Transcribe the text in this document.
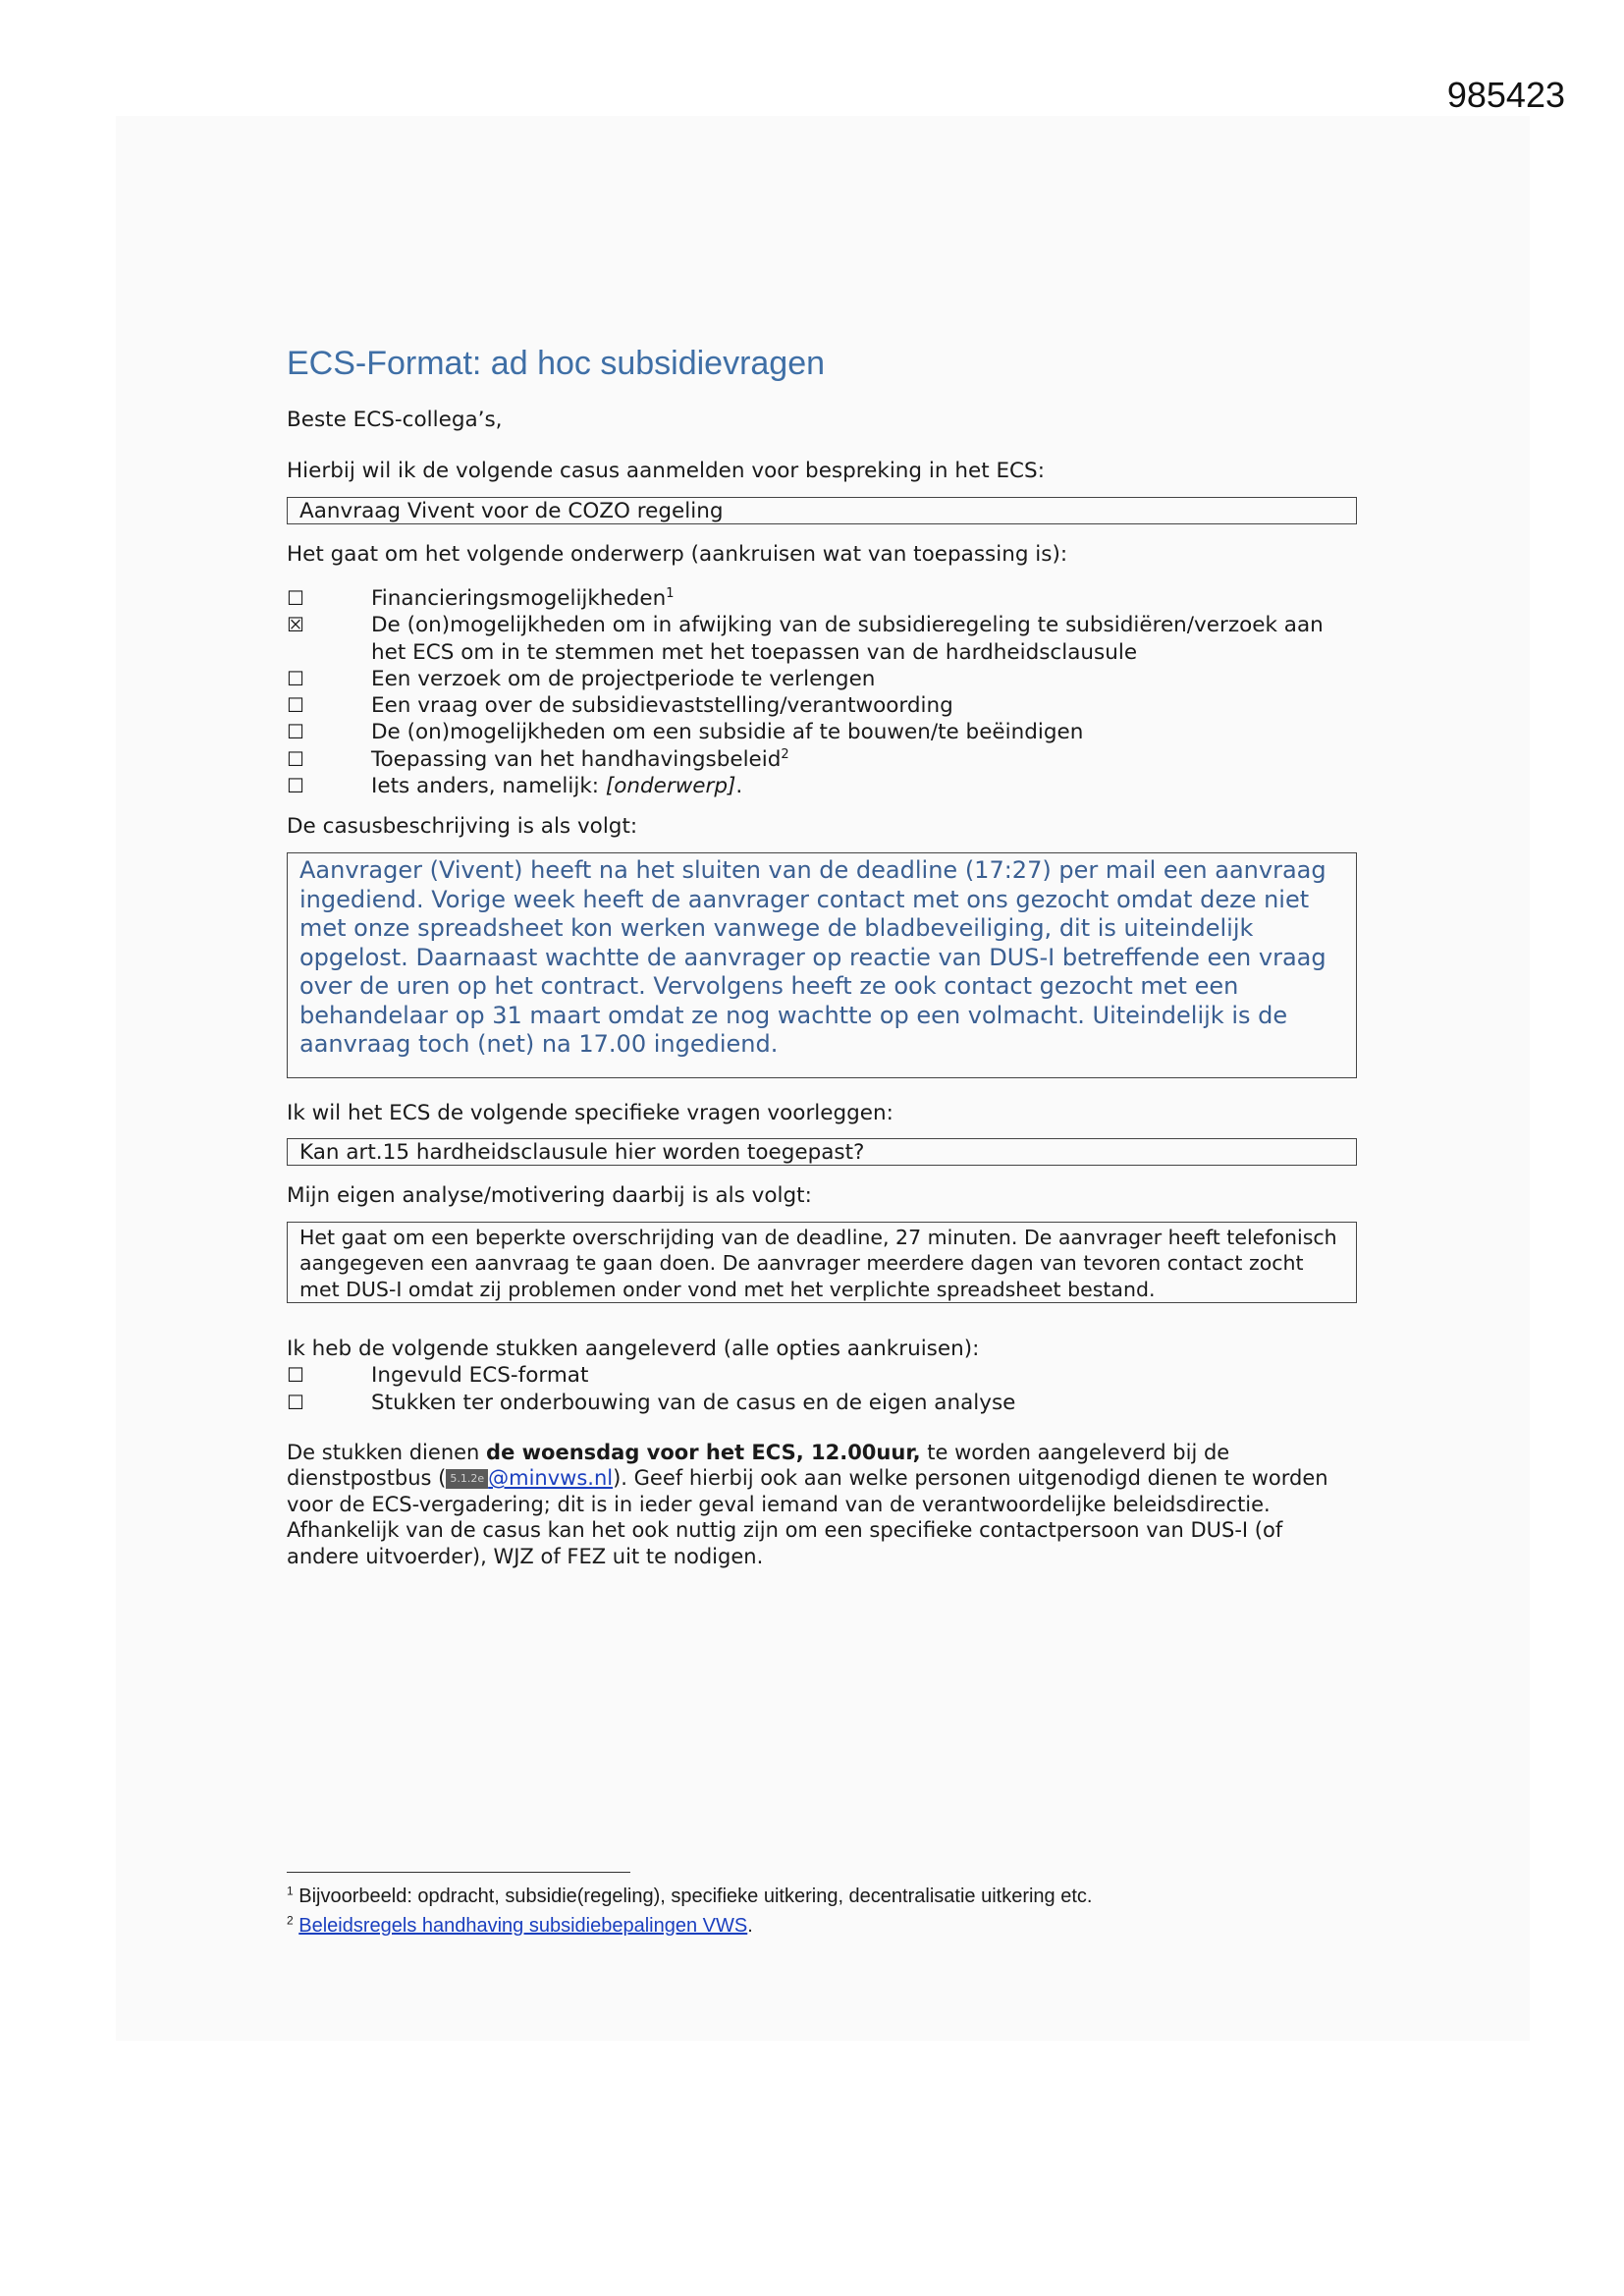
985423
ECS-Format: ad hoc subsidievragen

Beste ECS-collega’s,

Hierbij wil ik de volgende casus aanmelden voor bespreking in het ECS:

Aanvraag Vivent voor de COZO regeling

Het gaat om het volgende onderwerp (aankruisen wat van toepassing is):

☐	Financieringsmogelijkheden$^1$
☒	De (on)mogelijkheden om in afwijking van de subsidieregeling te subsidiëren/verzoek aan het ECS om in te stemmen met het toepassen van de hardheidsclausule
☐	Een verzoek om de projectperiode te verlengen
☐	Een vraag over de subsidievaststelling/verantwoording
☐	De (on)mogelijkheden om een subsidie af te bouwen/te beëindigen
☐	Toepassing van het handhavingsbeleid$^2$
☐	Iets anders, namelijk: [onderwerp].

De casusbeschrijving is als volgt:

Aanvrager (Vivent) heeft na het sluiten van de deadline (17:27) per mail een aanvraag ingediend. Vorige week heeft de aanvrager contact met ons gezocht omdat deze niet met onze spreadsheet kon werken vanwege de bladbeveiliging, dit is uiteindelijk opgelost. Daarnaast wachtte de aanvrager op reactie van DUS-I betreffende een vraag over de uren op het contract. Vervolgens heeft ze ook contact gezocht met een behandelaar op 31 maart omdat ze nog wachtte op een volmacht. Uiteindelijk is de aanvraag toch (net) na 17.00 ingediend.

Ik wil het ECS de volgende specifieke vragen voorleggen:

Kan art.15 hardheidsclausule hier worden toegepast?

Mijn eigen analyse/motivering daarbij is als volgt:

Het gaat om een beperkte overschrijding van de deadline, 27 minuten. De aanvrager heeft telefonisch aangegeven een aanvraag te gaan doen. De aanvrager meerdere dagen van tevoren contact zocht met DUS-I omdat zij problemen onder vond met het verplichte spreadsheet bestand.

Ik heb de volgende stukken aangeleverd (alle opties aankruisen):

☐	Ingevuld ECS-format
☐	Stukken ter onderbouwing van de casus en de eigen analyse

De stukken dienen de woensdag voor het ECS, 12.00uur, te worden aangeleverd bij de dienstpostbus ( 5.1.2e @minvws.nl). Geef hierbij ook aan welke personen uitgenodigd dienen te worden voor de ECS-vergadering; dit is in ieder geval iemand van de verantwoordelijke beleidsdirectie. Afhankelijk van de casus kan het ook nuttig zijn om een specifieke contactpersoon van DUS-I (of andere uitvoerder), WJZ of FEZ uit te nodigen.

$^1$ Bijvoorbeeld: opdracht, subsidie(regeling), specifieke uitkering, decentralisatie uitkering etc.
$^2$ Beleidsregels handhaving subsidiebepalingen VWS.
